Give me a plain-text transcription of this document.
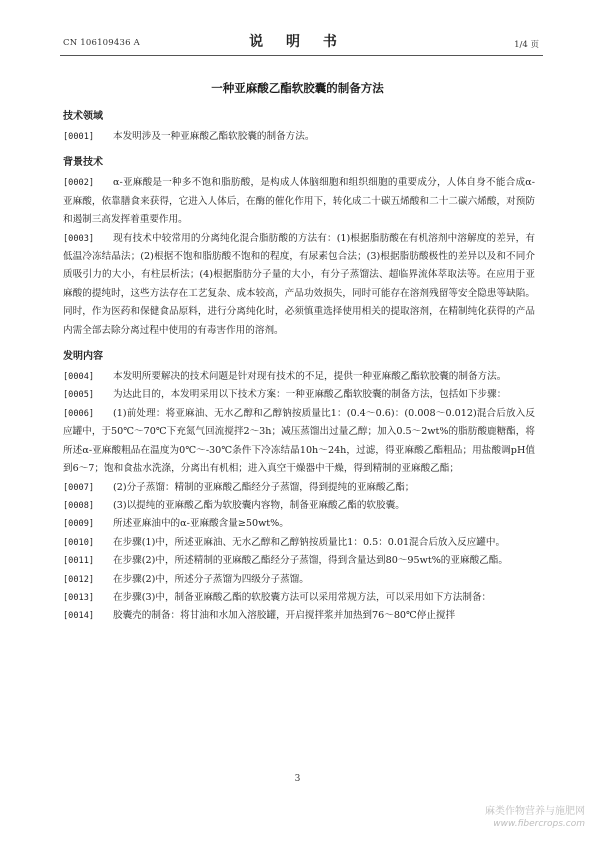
CN 106109436 A	说 明 书	1/4 页
一种亚麻酸乙酯软胶囊的制备方法
技术领域

[0001] 本发明涉及一种亚麻酸乙酯软胶囊的制备方法。

背景技术

[0002] α-亚麻酸是一种多不饱和脂肪酸，是构成人体脑细胞和组织细胞的重要成分，人体自身不能合成α-亚麻酸，依靠膳食来获得，它进入人体后，在酶的催化作用下，转化成二十碳五烯酸和二十二碳六烯酸，对预防和遏制三高发挥着重要作用。

[0003] 现有技术中较常用的分离纯化混合脂肪酸的方法有：(1)根据脂肪酸在有机溶剂中溶解度的差异，有低温冷冻结晶法；(2)根据不饱和脂肪酸不饱和的程度，有尿素包合法；(3)根据脂肪酸极性的差异以及和不同介质吸引力的大小，有柱层析法；(4)根据脂肪分子量的大小，有分子蒸馏法、超临界流体萃取法等。在应用于亚麻酸的提纯时，这些方法存在工艺复杂、成本较高，产品功效损失，同时可能存在溶剂残留等安全隐患等缺陷。同时，作为医药和保健食品原料，进行分离纯化时，必须慎重选择使用相关的提取溶剂，在精制纯化获得的产品内需全部去除分离过程中使用的有毒害作用的溶剂。

发明内容

[0004] 本发明所要解决的技术问题是针对现有技术的不足，提供一种亚麻酸乙酯软胶囊的制备方法。

[0005] 为达此目的，本发明采用以下技术方案：一种亚麻酸乙酯软胶囊的制备方法，包括如下步骤：

[0006] (1)前处理：将亚麻油、无水乙醇和乙醇钠按质量比1：(0.4～0.6)：(0.008～0.012)混合后放入反应罐中，于50℃～70℃下充氮气回流搅拌2～3h；减压蒸馏出过量乙醇；加入0.5～2wt%的脂肪酸鹿糖酯，将所述α-亚麻酸粗品在温度为0℃～-30℃条件下冷冻结晶10h～24h，过滤，得亚麻酸乙酯粗品；用盐酸调pH值到6～7；饱和食盐水洗涤，分离出有机相；进入真空干燥器中干燥，得到精制的亚麻酸乙酯；

[0007] (2)分子蒸馏：精制的亚麻酸乙酯经分子蒸馏，得到提纯的亚麻酸乙酯；

[0008] (3)以提纯的亚麻酸乙酯为软胶囊内容物，制备亚麻酸乙酯的软胶囊。

[0009] 所述亚麻油中的α-亚麻酸含量≥50wt%。

[0010] 在步骤(1)中，所述亚麻油、无水乙醇和乙醇钠按质量比1：0.5：0.01混合后放入反应罐中。

[0011] 在步骤(2)中，所述精制的亚麻酸乙酯经分子蒸馏，得到含量达到80～95wt%的亚麻酸乙酯。

[0012] 在步骤(2)中，所述分子蒸馏为四级分子蒸馏。

[0013] 在步骤(3)中，制备亚麻酸乙酯的软胶囊方法可以采用常规方法，可以采用如下方法制备：

[0014] 胶囊壳的制备：将甘油和水加入溶胶罐，开启搅拌浆并加热到76～80℃停止搅拌

3
麻类作物营养与施肥网
www.fibercrops.com
